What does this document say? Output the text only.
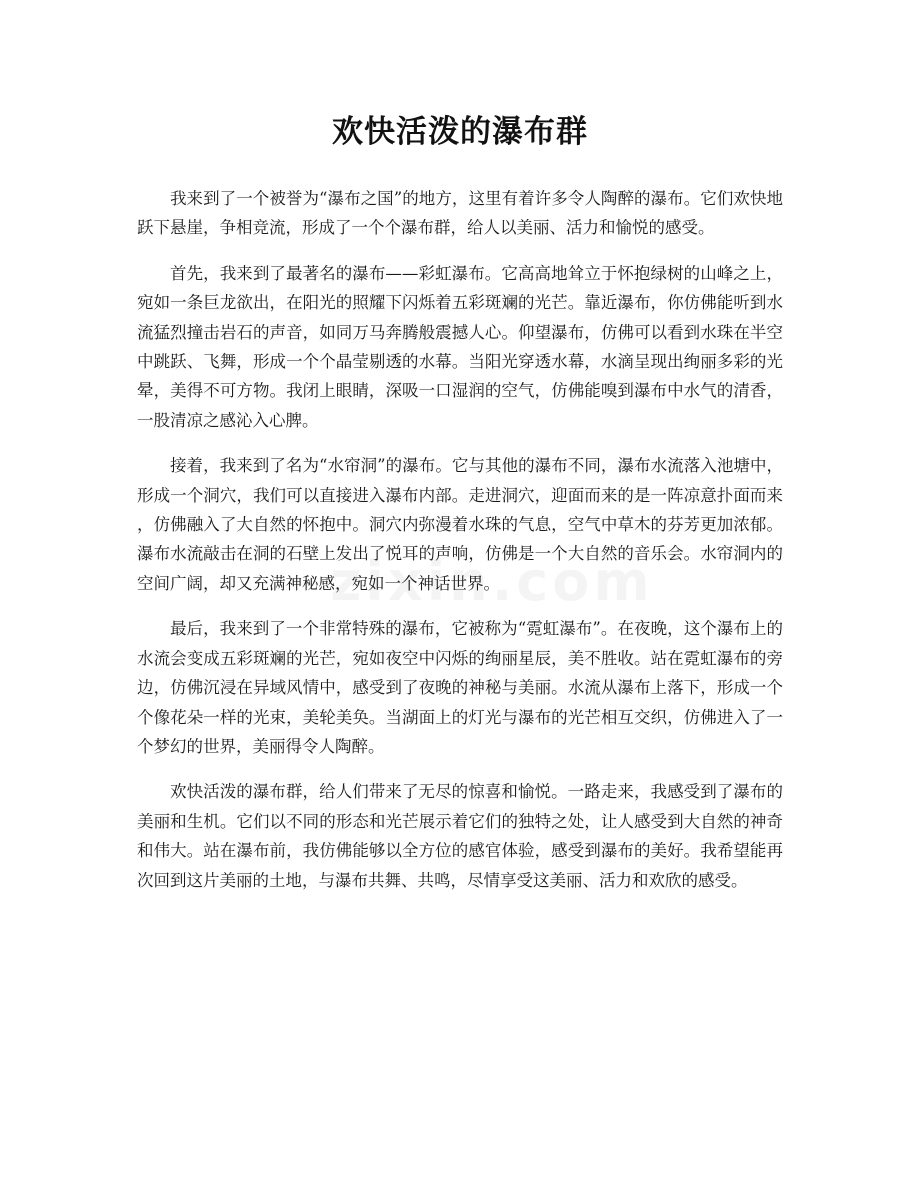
欢快活泼的瀑布群

我来到了一个被誉为“瀑布之国”的地方，这里有着许多令人陶醉的瀑布。它们欢快地跃下悬崖，争相竞流，形成了一个个瀑布群，给人以美丽、活力和愉悦的感受。

首先，我来到了最著名的瀑布——彩虹瀑布。它高高地耸立于怀抱绿树的山峰之上，宛如一条巨龙欲出，在阳光的照耀下闪烁着五彩斑斓的光芒。靠近瀑布，你仿佛能听到水流猛烈撞击岩石的声音，如同万马奔腾般震撼人心。仰望瀑布，仿佛可以看到水珠在半空中跳跃、飞舞，形成一个个晶莹剔透的水幕。当阳光穿透水幕，水滴呈现出绚丽多彩的光晕，美得不可方物。我闭上眼睛，深吸一口湿润的空气，仿佛能嗅到瀑布中水气的清香，一股清凉之感沁入心脾。

接着，我来到了名为“水帘洞”的瀑布。它与其他的瀑布不同，瀑布水流落入池塘中，形成一个洞穴，我们可以直接进入瀑布内部。走进洞穴，迎面而来的是一阵凉意扑面而来，仿佛融入了大自然的怀抱中。洞穴内弥漫着水珠的气息，空气中草木的芬芳更加浓郁。瀑布水流敲击在洞的石壁上发出了悦耳的声响，仿佛是一个大自然的音乐会。水帘洞内的空间广阔，却又充满神秘感，宛如一个神话世界。

最后，我来到了一个非常特殊的瀑布，它被称为“霓虹瀑布”。在夜晚，这个瀑布上的水流会变成五彩斑斓的光芒，宛如夜空中闪烁的绚丽星辰，美不胜收。站在霓虹瀑布的旁边，仿佛沉浸在异域风情中，感受到了夜晚的神秘与美丽。水流从瀑布上落下，形成一个个像花朵一样的光束，美轮美奂。当湖面上的灯光与瀑布的光芒相互交织，仿佛进入了一个梦幻的世界，美丽得令人陶醉。

欢快活泼的瀑布群，给人们带来了无尽的惊喜和愉悦。一路走来，我感受到了瀑布的美丽和生机。它们以不同的形态和光芒展示着它们的独特之处，让人感受到大自然的神奇和伟大。站在瀑布前，我仿佛能够以全方位的感官体验，感受到瀑布的美好。我希望能再次回到这片美丽的土地，与瀑布共舞、共鸣，尽情享受这美丽、活力和欢欣的感受。
